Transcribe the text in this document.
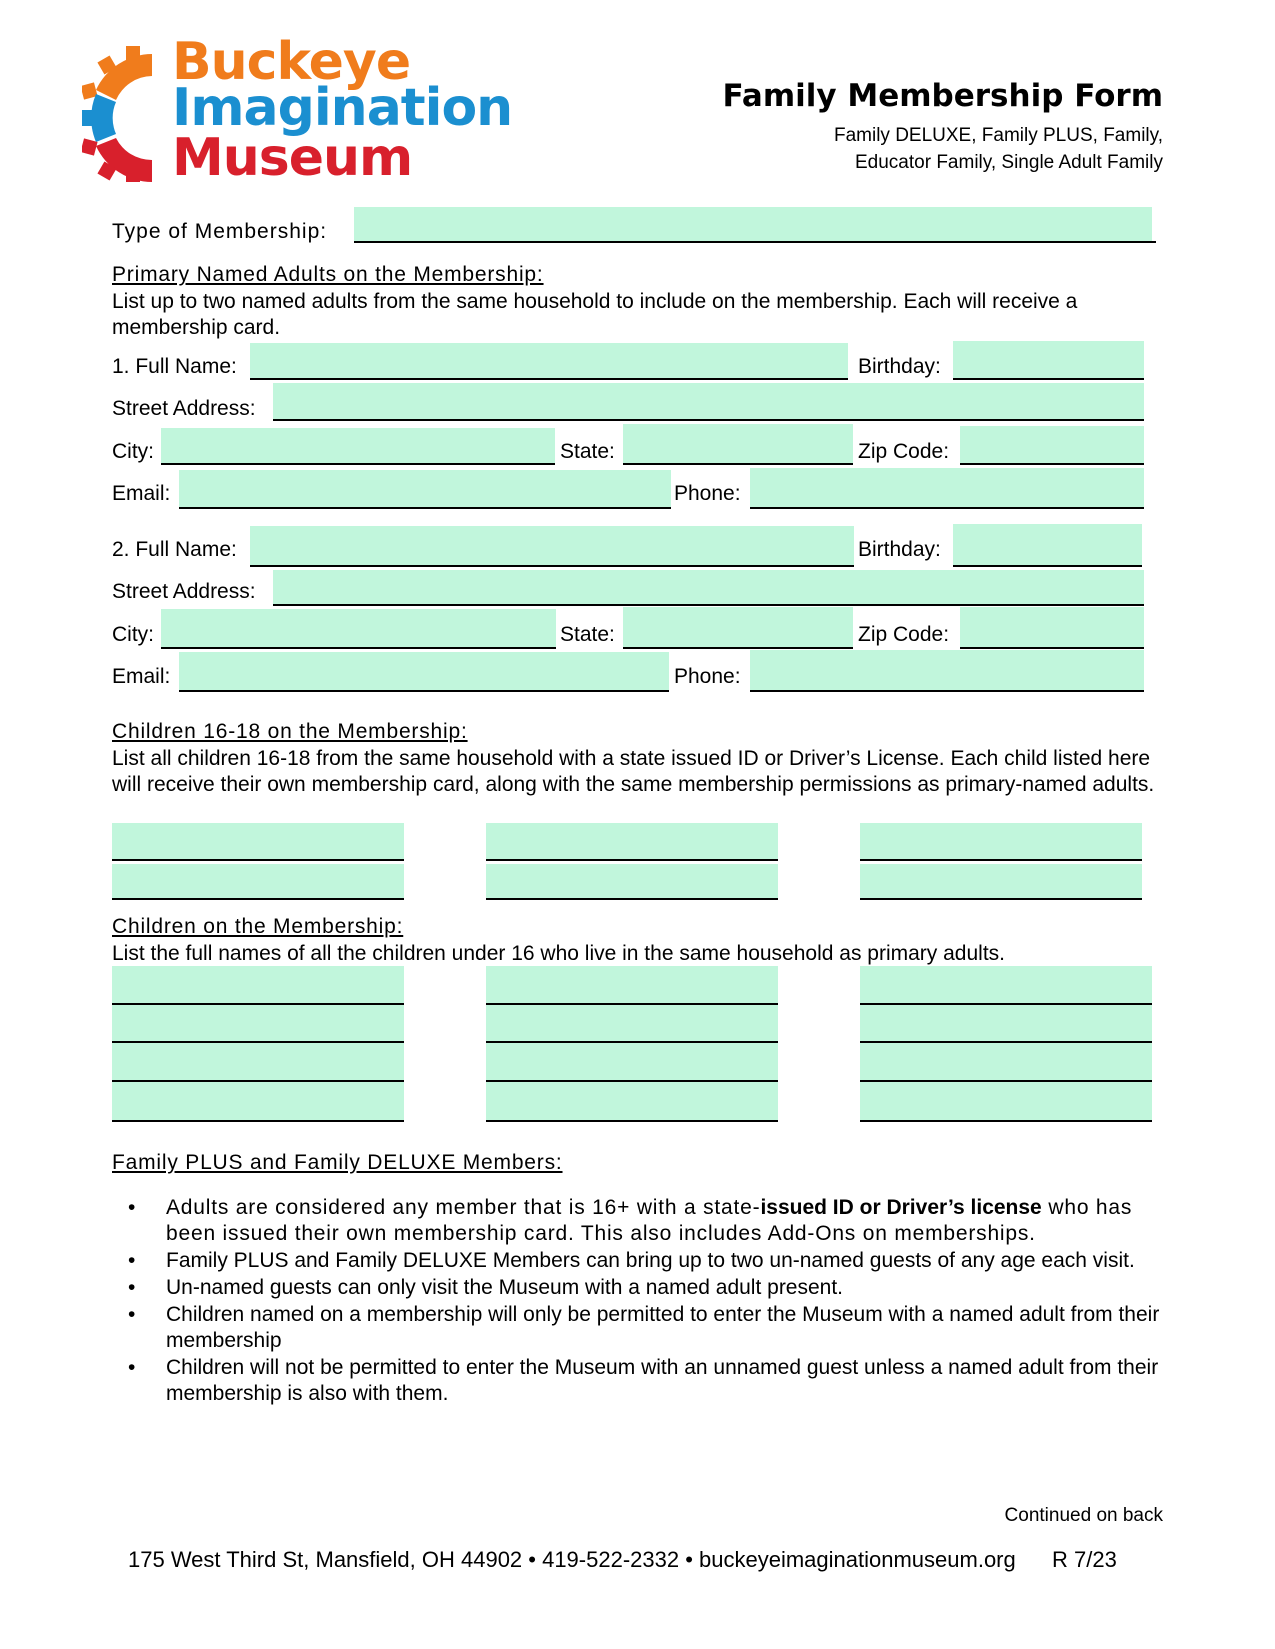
Buckeye
Imagination
Museum
Family Membership Form
Family DELUXE, Family PLUS, Family,
Educator Family, Single Adult Family
Type of Membership:
Primary Named Adults on the Membership:
List up to two named adults from the same household to include on the membership. Each will receive a membership card.
1. Full Name:	Birthday:
Street Address:
City:	State:	Zip Code:
Email:	Phone:
2. Full Name:	Birthday:
Street Address:
City:	State:	Zip Code:
Email:	Phone:
Children 16-18 on the Membership:
List all children 16-18 from the same household with a state issued ID or Driver’s License. Each child listed here will receive their own membership card, along with the same membership permissions as primary-named adults.
Children on the Membership:
List the full names of all the children under 16 who live in the same household as primary adults.
Family PLUS and Family DELUXE Members:
• Adults are considered any member that is 16+ with a state-issued ID or Driver’s license who has been issued their own membership card. This also includes Add-Ons on memberships.
• Family PLUS and Family DELUXE Members can bring up to two un-named guests of any age each visit.
• Un-named guests can only visit the Museum with a named adult present.
• Children named on a membership will only be permitted to enter the Museum with a named adult from their membership
• Children will not be permitted to enter the Museum with an unnamed guest unless a named adult from their membership is also with them.
Continued on back
175 West Third St, Mansfield, OH 44902 • 419-522-2332 • buckeyeimaginationmuseum.org R 7/23
